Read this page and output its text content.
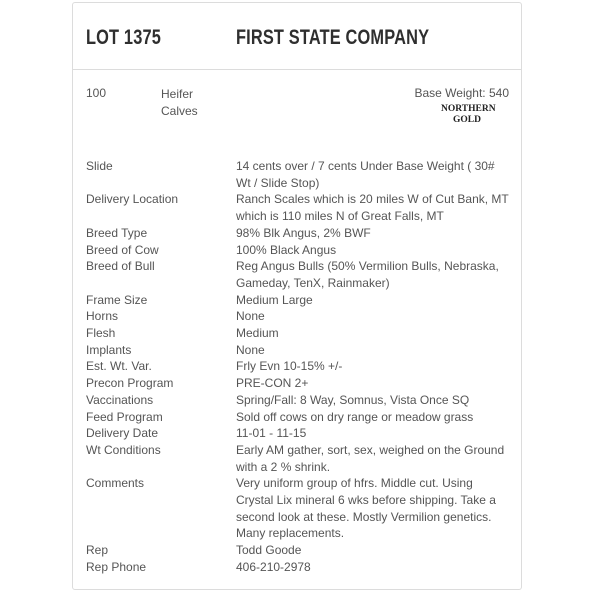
LOT 1375	FIRST STATE COMPANY
100	Heifer Calves
Base Weight: 540
NORTHERN
GOLD
Slide	14 cents over / 7 cents Under Base Weight ( 30# Wt / Slide Stop)
Delivery Location	Ranch Scales which is 20 miles W of Cut Bank, MT which is 110 miles N of Great Falls, MT
Breed Type	98% Blk Angus, 2% BWF
Breed of Cow	100% Black Angus
Breed of Bull	Reg Angus Bulls (50% Vermilion Bulls, Nebraska, Gameday, TenX, Rainmaker)
Frame Size	Medium Large
Horns	None
Flesh	Medium
Implants	None
Est. Wt. Var.	Frly Evn 10-15% +/-
Precon Program	PRE-CON 2+
Vaccinations	Spring/Fall: 8 Way, Somnus, Vista Once SQ
Feed Program	Sold off cows on dry range or meadow grass
Delivery Date	11-01 - 11-15
Wt Conditions	Early AM gather, sort, sex, weighed on the Ground with a 2 % shrink.
Comments	Very uniform group of hfrs. Middle cut. Using Crystal Lix mineral 6 wks before shipping. Take a second look at these. Mostly Vermilion genetics. Many replacements.
Rep	Todd Goode
Rep Phone	406-210-2978
